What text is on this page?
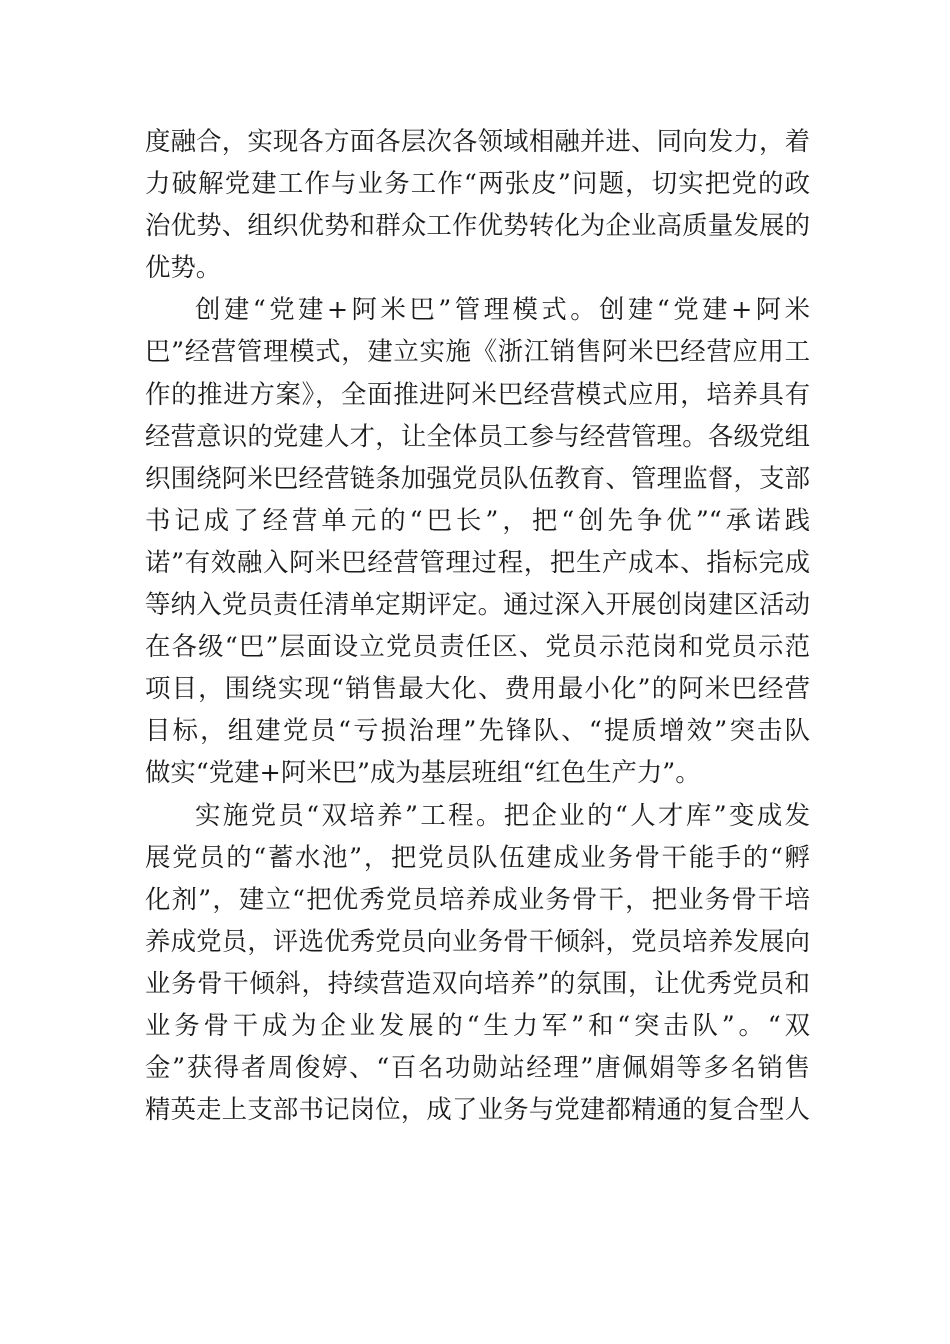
度融合，实现各方面各层次各领域相融并进、同向发力，着
力破解党建工作与业务工作“两张皮”问题，切实把党的政
治优势、组织优势和群众工作优势转化为企业高质量发展的
优势。
创建“党建+阿米巴”管理模式。创建“党建+阿米
巴”经营管理模式，建立实施《浙江销售阿米巴经营应用工
作的推进方案》，全面推进阿米巴经营模式应用，培养具有
经营意识的党建人才，让全体员工参与经营管理。各级党组
织围绕阿米巴经营链条加强党员队伍教育、管理监督，支部
书记成了经营单元的“巴长”，把“创先争优”“承诺践
诺”有效融入阿米巴经营管理过程，把生产成本、指标完成
等纳入党员责任清单定期评定。通过深入开展创岗建区活动
在各级“巴”层面设立党员责任区、党员示范岗和党员示范
项目，围绕实现“销售最大化、费用最小化”的阿米巴经营
目标，组建党员“亏损治理”先锋队、“提质增效”突击队
做实“党建+阿米巴”成为基层班组“红色生产力”。
实施党员“双培养”工程。把企业的“人才库”变成发
展党员的“蓄水池”，把党员队伍建成业务骨干能手的“孵
化剂”，建立“把优秀党员培养成业务骨干，把业务骨干培
养成党员，评选优秀党员向业务骨干倾斜，党员培养发展向
业务骨干倾斜，持续营造双向培养”的氛围，让优秀党员和
业务骨干成为企业发展的“生力军”和“突击队”。“双
金”获得者周俊婷、“百名功勋站经理”唐佩娟等多名销售
精英走上支部书记岗位，成了业务与党建都精通的复合型人
